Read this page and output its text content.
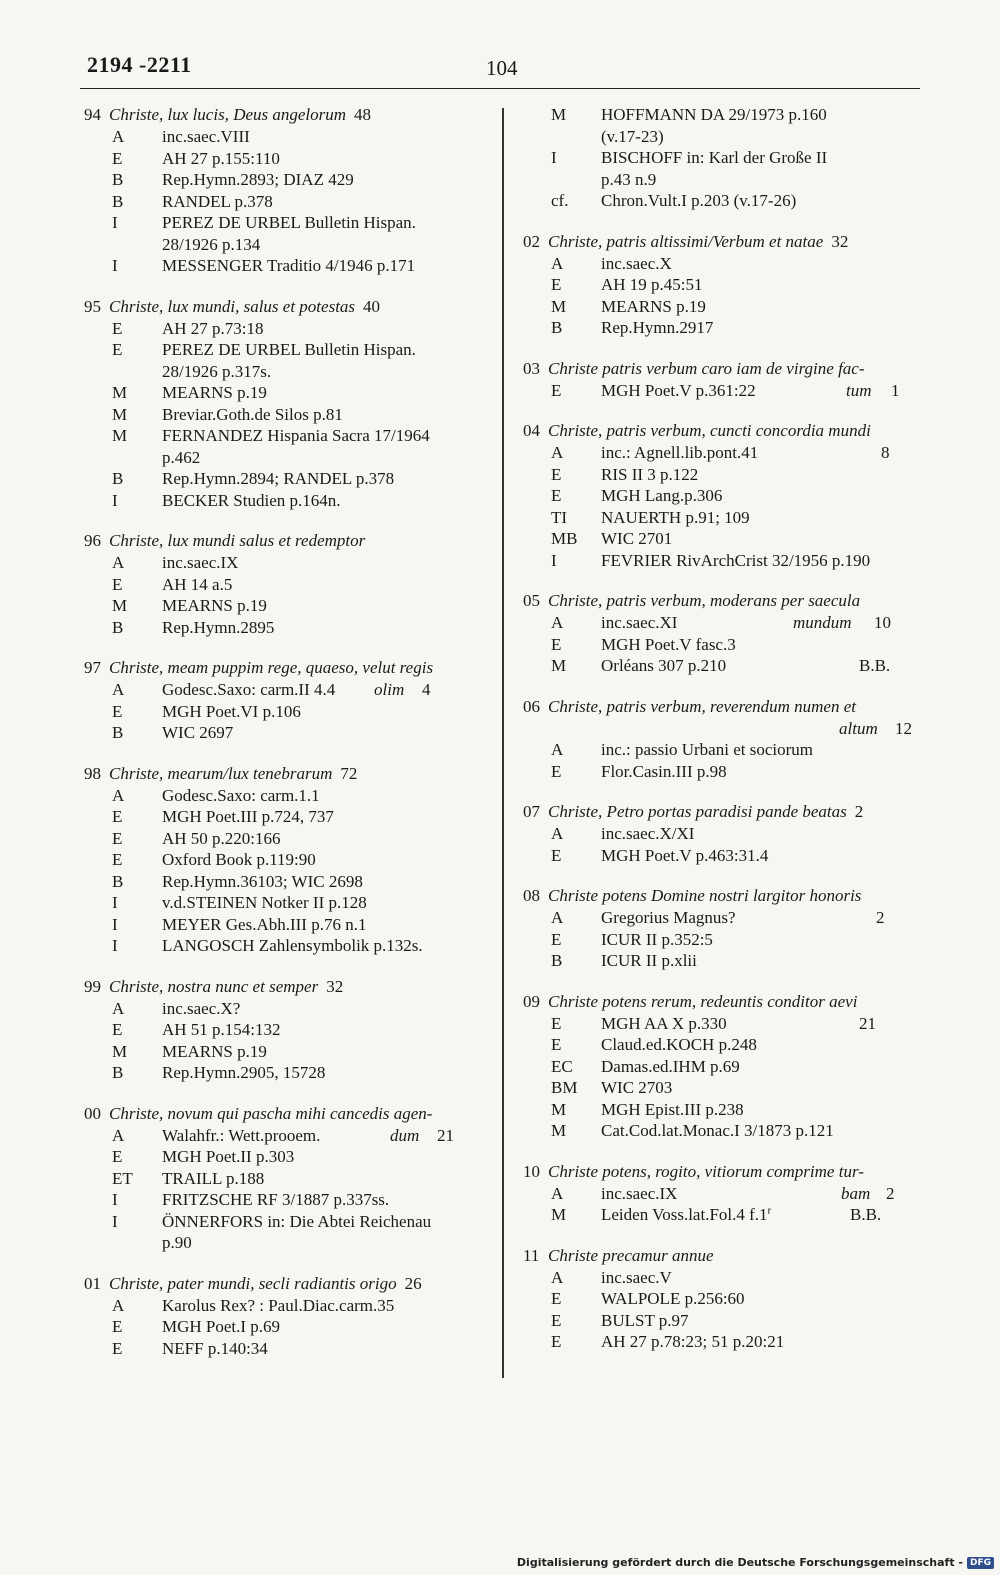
2194 -2211	104
94 Christe, lux lucis, Deus angelorum 48
A inc.saec.VIII
E AH 27 p.155:110
B Rep.Hymn.2893; DIAZ 429
B RANDEL p.378
I	PEREZ DE URBEL Bulletin Hispan.
28/1926 p.134
I	MESSENGER Traditio 4/1946 p.171
95 Christe, lux mundi, salus et potestas 40
E AH 27 p.73:18
E PEREZ DE URBEL Bulletin Hispan.
28/1926 p.317s.
M MEARNS p.19
M Breviar.Goth.de Silos p.81
M FERNANDEZ Hispania Sacra 17/1964
p.462
B Rep.Hymn.2894; RANDEL p.378
I	BECKER Studien p.164n.
96 Christe, lux mundi salus et redemptor
A inc.saec.IX
E AH 14 a.5
M MEARNS p.19
B Rep.Hymn.2895
97 Christe, meam puppim rege, quaeso, velut regis
A Godesc.Saxo: carm.II 4.4 olim 4
E MGH Poet.VI p.106
B WIC 2697
98 Christe, mearum/lux tenebrarum 72
A Godesc.Saxo: carm.1.1
E MGH Poet.III p.724, 737
E AH 50 p.220:166
E Oxford Book p.119:90
B Rep.Hymn.36103; WIC 2698
I	v.d.STEINEN Notker II p.128
I	MEYER Ges.Abh.III p.76 n.1
I	LANGOSCH Zahlensymbolik p.132s.
99 Christe, nostra nunc et semper 32
A inc.saec.X?
E AH 51 p.154:132
M MEARNS p.19
B Rep.Hymn.2905, 15728
00 Christe, novum qui pascha mihi cancedis agen-
A Walahfr.: Wett.prooem.	dum 21
E MGH Poet.II p.303
ET TRAILL p.188
I	FRITZSCHE RF 3/1887 p.337ss.
I	ÖNNERFORS in: Die Abtei Reichenau
p.90
01 Christe, pater mundi, secli radiantis origo 26
A Karolus Rex? : Paul.Diac.carm.35
E MGH Poet.I p.69
E NEFF p.140:34
M HOFFMANN DA 29/1973 p.160
(v.17-23)
I	BISCHOFF in: Karl der Große II
p.43 n.9
cf. Chron.Vult.I p.203 (v.17-26)
02 Christe, patris altissimi/Verbum et natae 32
A inc.saec.X
E AH 19 p.45:51
M MEARNS p.19
B Rep.Hymn.2917
03 Christe patris verbum caro iam de virgine fac-
E MGH Poet.V p.361:22	tum 1
04 Christe, patris verbum, cuncti concordia mundi
A inc.: Agnell.lib.pont.41	8
E RIS II 3 p.122
E MGH Lang.p.306
TI NAUERTH p.91; 109
MB WIC 2701
I	FEVRIER RivArchCrist 32/1956 p.190
05 Christe, patris verbum, moderans per saecula
A inc.saec.XI	mundum 10
E MGH Poet.V fasc.3
M Orléans 307 p.210	B.B.
06 Christe, patris verbum, reverendum numen et
altum 12
A inc.: passio Urbani et sociorum
E Flor.Casin.III p.98
07 Christe, Petro portas paradisi pande beatas 2
A inc.saec.X/XI
E MGH Poet.V p.463:31.4
08 Christe potens Domine nostri largitor honoris
A Gregorius Magnus?	2
E ICUR II p.352:5
B ICUR II p.xlii
09 Christe potens rerum, redeuntis conditor aevi
E MGH AA X p.330	21
E Claud.ed.KOCH p.248
EC Damas.ed.IHM p.69
BM WIC 2703
M MGH Epist.III p.238
M Cat.Cod.lat.Monac.I 3/1873 p.121
10 Christe potens, rogito, vitiorum comprime tur-
A inc.saec.IX	bam 2
M Leiden Voss.lat.Fol.4 f.1$^r$	B.B.
11 Christe precamur annue
A inc.saec.V
E WALPOLE p.256:60
E BULST p.97
E AH 27 p.78:23; 51 p.20:21
Digitalisierung gefördert durch die Deutsche Forschungsgemeinschaft - DFG
